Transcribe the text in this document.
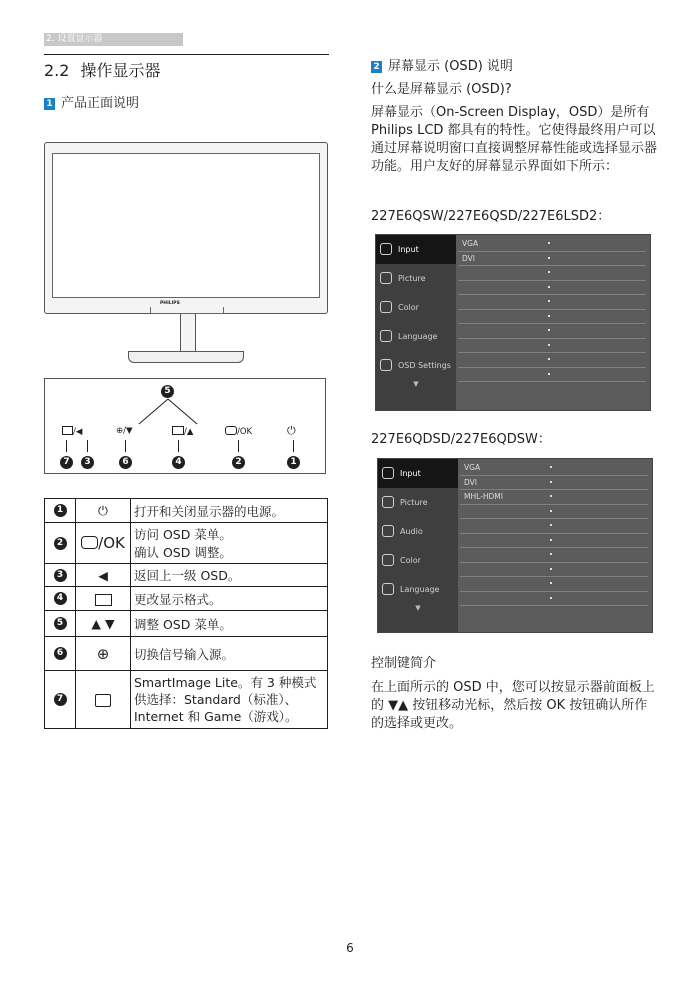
2. 设置显示器
2.2 操作显示器
1 产品正面说明
PHILIPS
5
/◀	⊕/▼	/▲	/OK	⏻
7	3	6	4	2	1
1	⏻	打开和关闭显示器的电源。

2	/OK	访问 OSD 菜单。
确认 OSD 调整。

3	◀	返回上一级 OSD。

4		更改显示格式。

5	▲ ▼	调整 OSD 菜单。

6	⊕	切换信号输入源。

7		SmartImage Lite。有 3 种模式供选择：Standard（标准）、Internet 和 Game（游戏）。
2 屏幕显示 (OSD) 说明
什么是屏幕显示 (OSD)?
屏幕显示（On-Screen Display，OSD）是所有 Philips LCD 都具有的特性。它使得最终用户可以通过屏幕说明窗口直接调整屏幕性能或选择显示器功能。用户友好的屏幕显示界面如下所示：
227E6QSW/227E6QSD/227E6LSD2：
Input
Picture
Color
Language
OSD Settings
▼
VGA
DVI
227E6QDSD/227E6QDSW：
Input
Picture
Audio
Color
Language
▼
VGA
DVI
MHL-HDMI
控制键简介
在上面所示的 OSD 中，您可以按显示器前面板上的 ▼▲ 按钮移动光标，然后按 OK 按钮确认所作的选择或更改。
6
